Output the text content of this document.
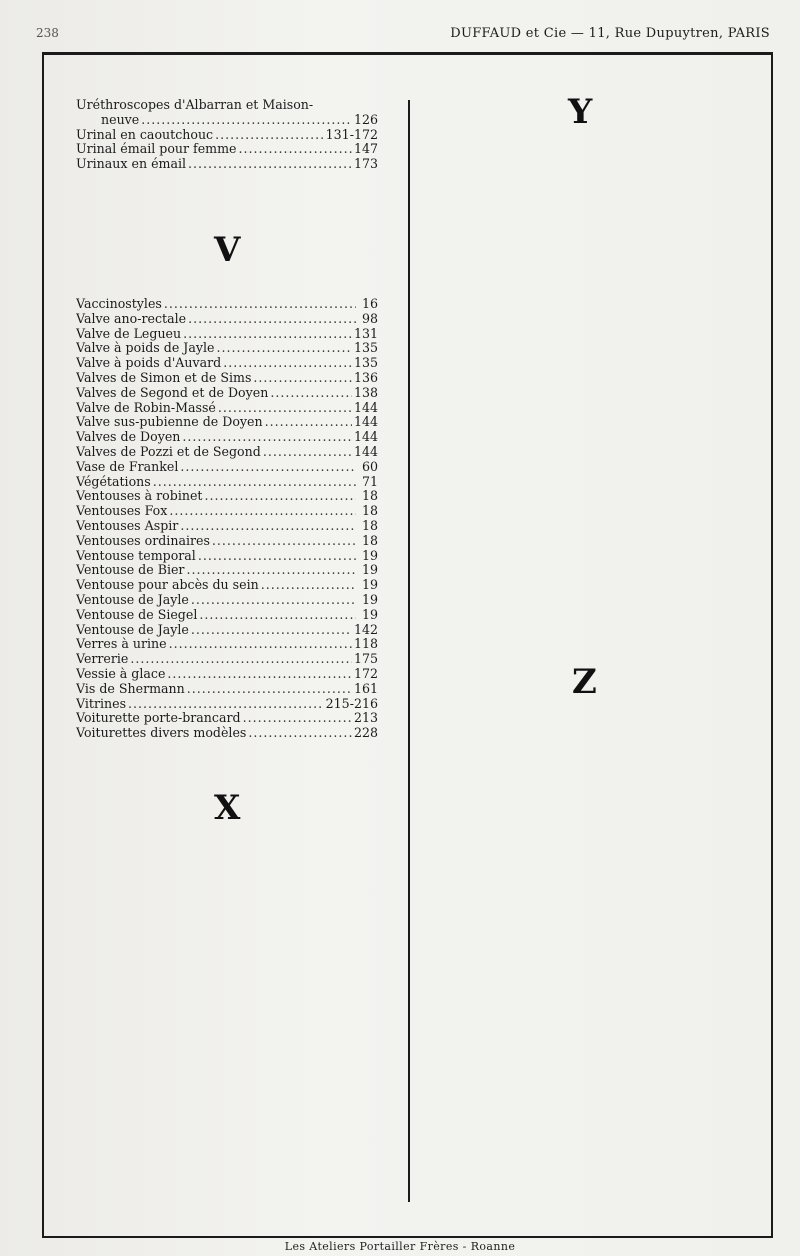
238	DUFFAUD et Cie — 11, Rue Dupuytren, PARIS
Uréthroscopes d'Albarran et Maison-
neuve .....	126
Urinal en caoutchouc .....	131-172
Urinal émail pour femme .....	147
Urinaux en émail .....	173
Vaccinostyles .....	16
Valve ano-rectale .....	98
Valve de Legueu .....	131
Valve à poids de Jayle .....	135
Valve à poids d'Auvard .....	135
Valves de Simon et de Sims .....	136
Valves de Segond et de Doyen .....	138
Valve de Robin-Massé .....	144
Valve sus-pubienne de Doyen .....	144
Valves de Doyen .....	144
Valves de Pozzi et de Segond .....	144
Vase de Frankel .....	60
Végétations .....	71
Ventouses à robinet .....	18
Ventouses Fox .....	18
Ventouses Aspir .....	18
Ventouses ordinaires .....	18
Ventouse temporal .....	19
Ventouse de Bier .....	19
Ventouse pour abcès du sein .....	19
Ventouse de Jayle .....	19
Ventouse de Siegel .....	19
Ventouse de Jayle .....	142
Verres à urine .....	118
Verrerie .....	175
Vessie à glace .....	172
Vis de Shermann .....	161
Vitrines .....	215-216
Voiturette porte-brancard .....	213
Voiturettes divers modèles .....	228
V
X
Y
Z
Les Ateliers Portailler Frères - Roanne
